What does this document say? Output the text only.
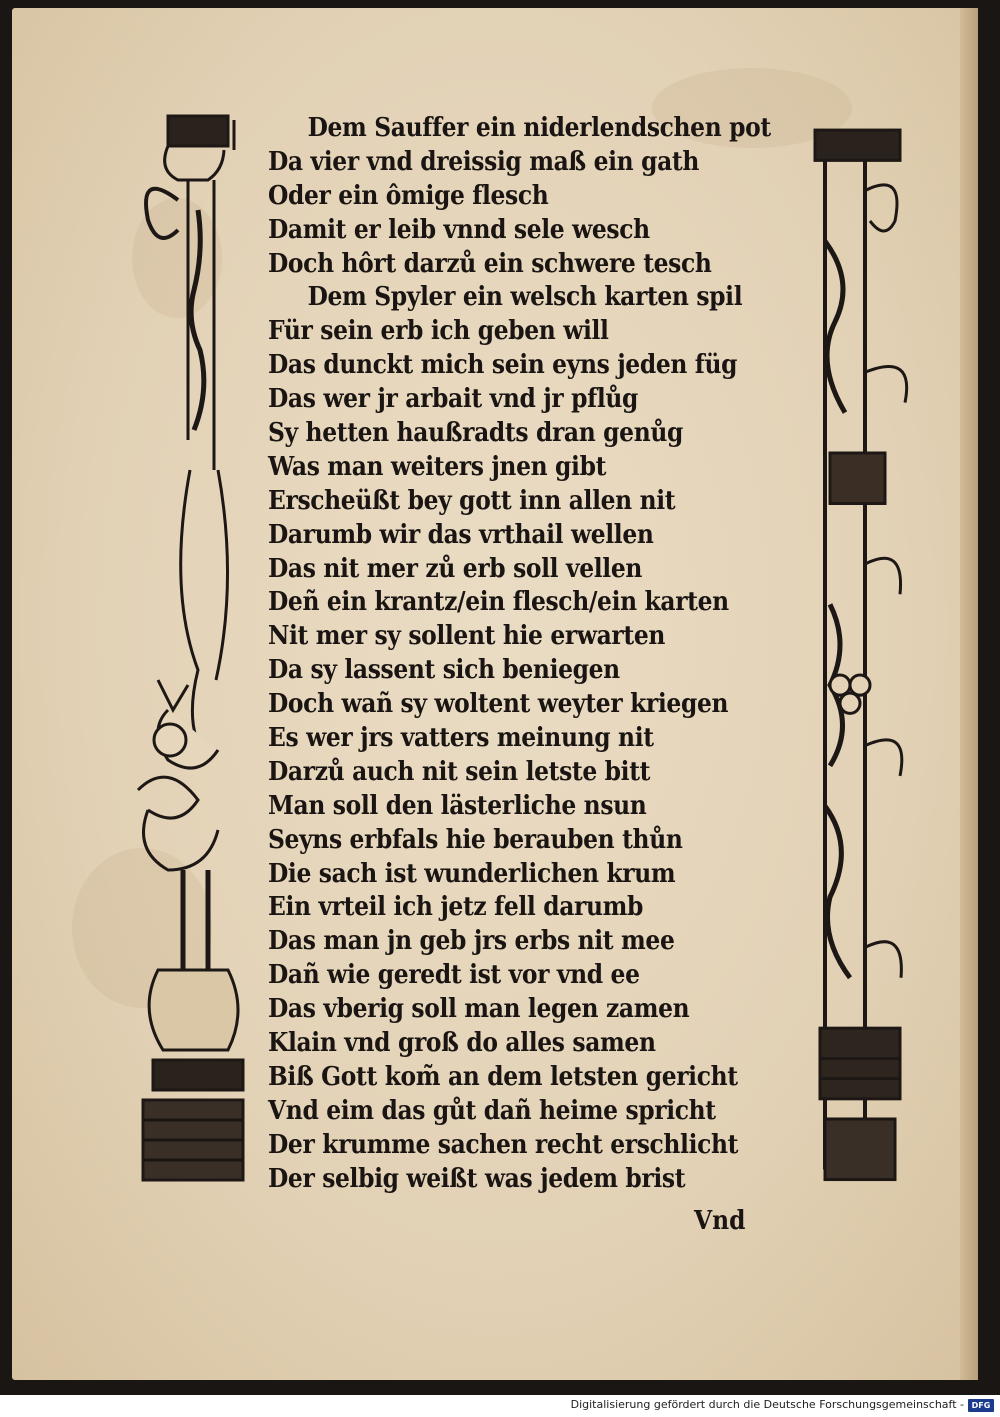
Dem Sauffer ein niderlendschen pot
Da vier vnd dreissig maß ein gath
Oder ein ômige flesch
Damit er leib vnnd sele wesch
Doch hôrt darzů ein schwere tesch
Dem Spyler ein welsch karten spil
Für sein erb ich geben will
Das dunckt mich sein eyns jeden füg
Das wer jr arbait vnd jr pflůg
Sy hetten haußradts dran genůg
Was man weiters jnen gibt
Erscheüßt bey gott inn allen nit
Darumb wir das vrthail wellen
Das nit mer zů erb soll vellen
Deñ ein krantz/ein flesch/ein karten
Nit mer sy sollent hie erwarten
Da sy lassent sich beniegen
Doch wañ sy woltent weyter kriegen
Es wer jrs vatters meinung nit
Darzů auch nit sein letste bitt
Man soll den lästerliche nsun
Seyns erbfals hie berauben thůn
Die sach ist wunderlichen krum
Ein vrteil ich jetz fell darumb
Das man jn geb jrs erbs nit mee
Dañ wie geredt ist vor vnd ee
Das vberig soll man legen zamen
Klain vnd groß do alles samen
Biß Gott kom̃ an dem letsten gericht
Vnd eim das gůt dañ heime spricht
Der krumme sachen recht erschlicht
Der selbig weißt was jedem brist
Vnd
Digitalisierung gefördert durch die Deutsche Forschungsgemeinschaft - DFG
